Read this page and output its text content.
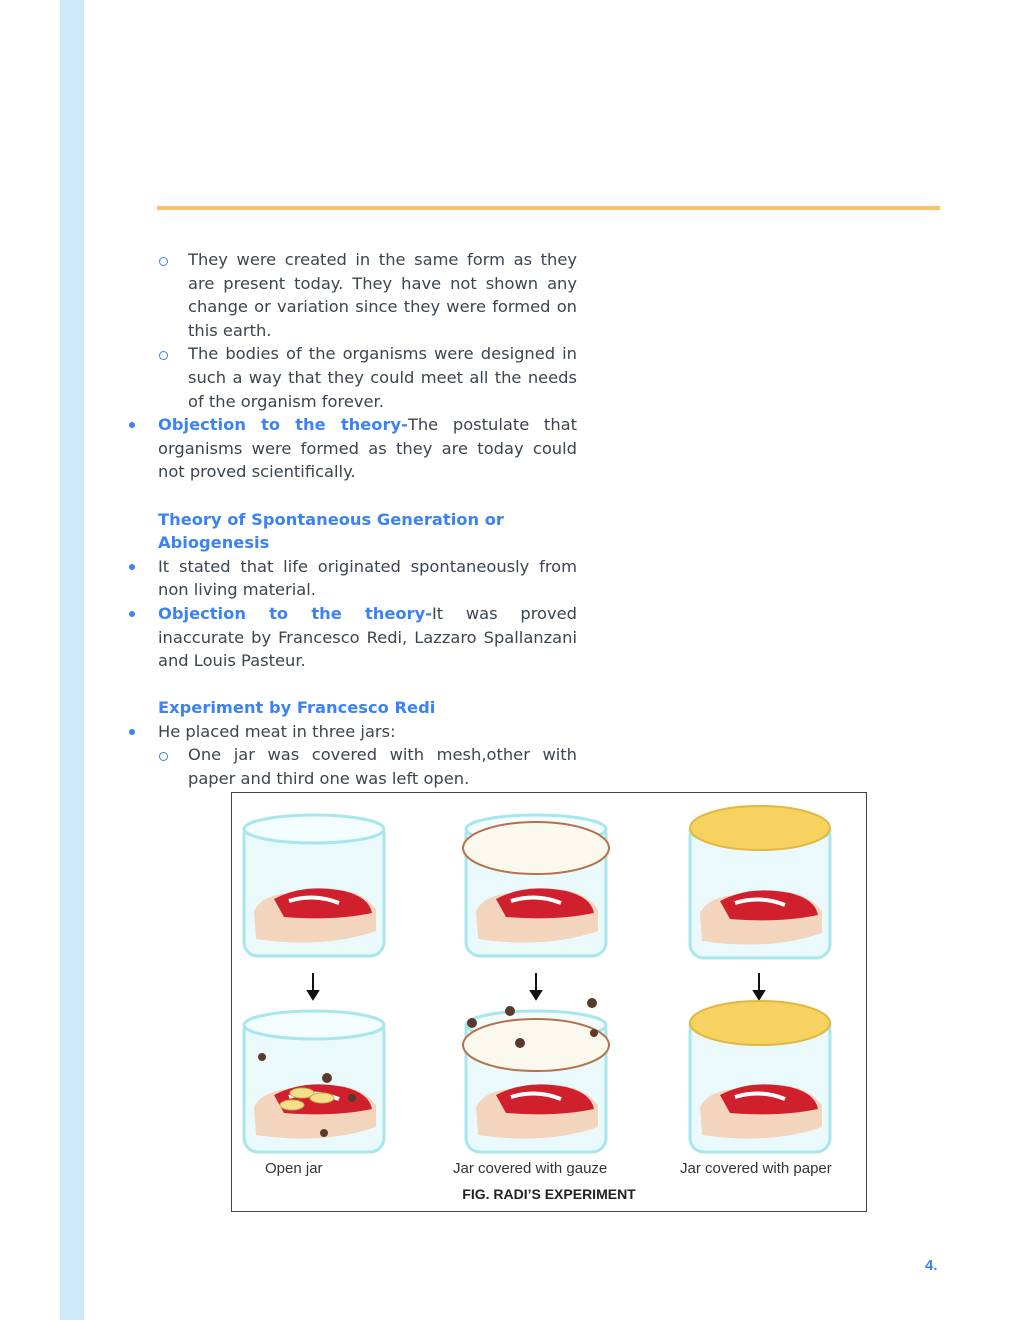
They were created in the same form as they are present today. They have not shown any change or variation since they were formed on this earth.
The bodies of the organisms were designed in such a way that they could meet all the needs of the organism forever.
Objection to the theory-The postulate that organisms were formed as they are today could not proved scientifically.
Theory of Spontaneous Generation or Abiogenesis
It stated that life originated spontaneously from non living material.
Objection to the theory-It was proved inaccurate by Francesco Redi, Lazzaro Spallanzani and Louis Pasteur.
Experiment by Francesco Redi
He placed meat in three jars:
One jar was covered with mesh,other with paper and third one was left open.
Open jar	Jar covered with gauze	Jar covered with paper
FIG. RADI’S EXPERIMENT
4.
